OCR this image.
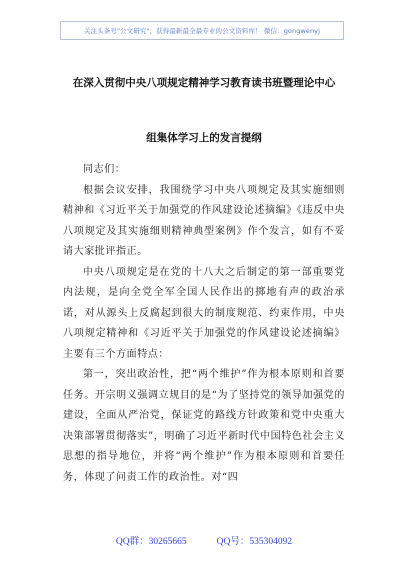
关注头条号"公文研究"，获得最新最全最专业的公文资料库！ 微信：gongwenyj
在深入贯彻中央八项规定精神学习教育读书班暨理论中心
组集体学习上的发言提纲

同志们：

根据会议安排，我围绕学习中央八项规定及其实施细则精神和《习近平关于加强党的作风建设论述摘编》《违反中央八项规定及其实施细则精神典型案例》作个发言，如有不妥请大家批评指正。

中央八项规定是在党的十八大之后制定的第一部重要党内法规，是向全党全军全国人民作出的掷地有声的政治承诺，对从源头上反腐起到很大的制度规范、约束作用，中央八项规定精神和《习近平关于加强党的作风建设论述摘编》主要有三个方面特点：

第一，突出政治性，把“两个维护”作为根本原则和首要任务。开宗明义强调立规目的是“为了坚持党的领导加强党的建设，全面从严治党，保证党的路线方针政策和党中央重大决策部署贯彻落实”，明确了习近平新时代中国特色社会主义思想的指导地位，并将“两个维护”作为根本原则和首要任务，体现了问责工作的政治性。对“四

QQ群：30265665	QQ号：535304092
